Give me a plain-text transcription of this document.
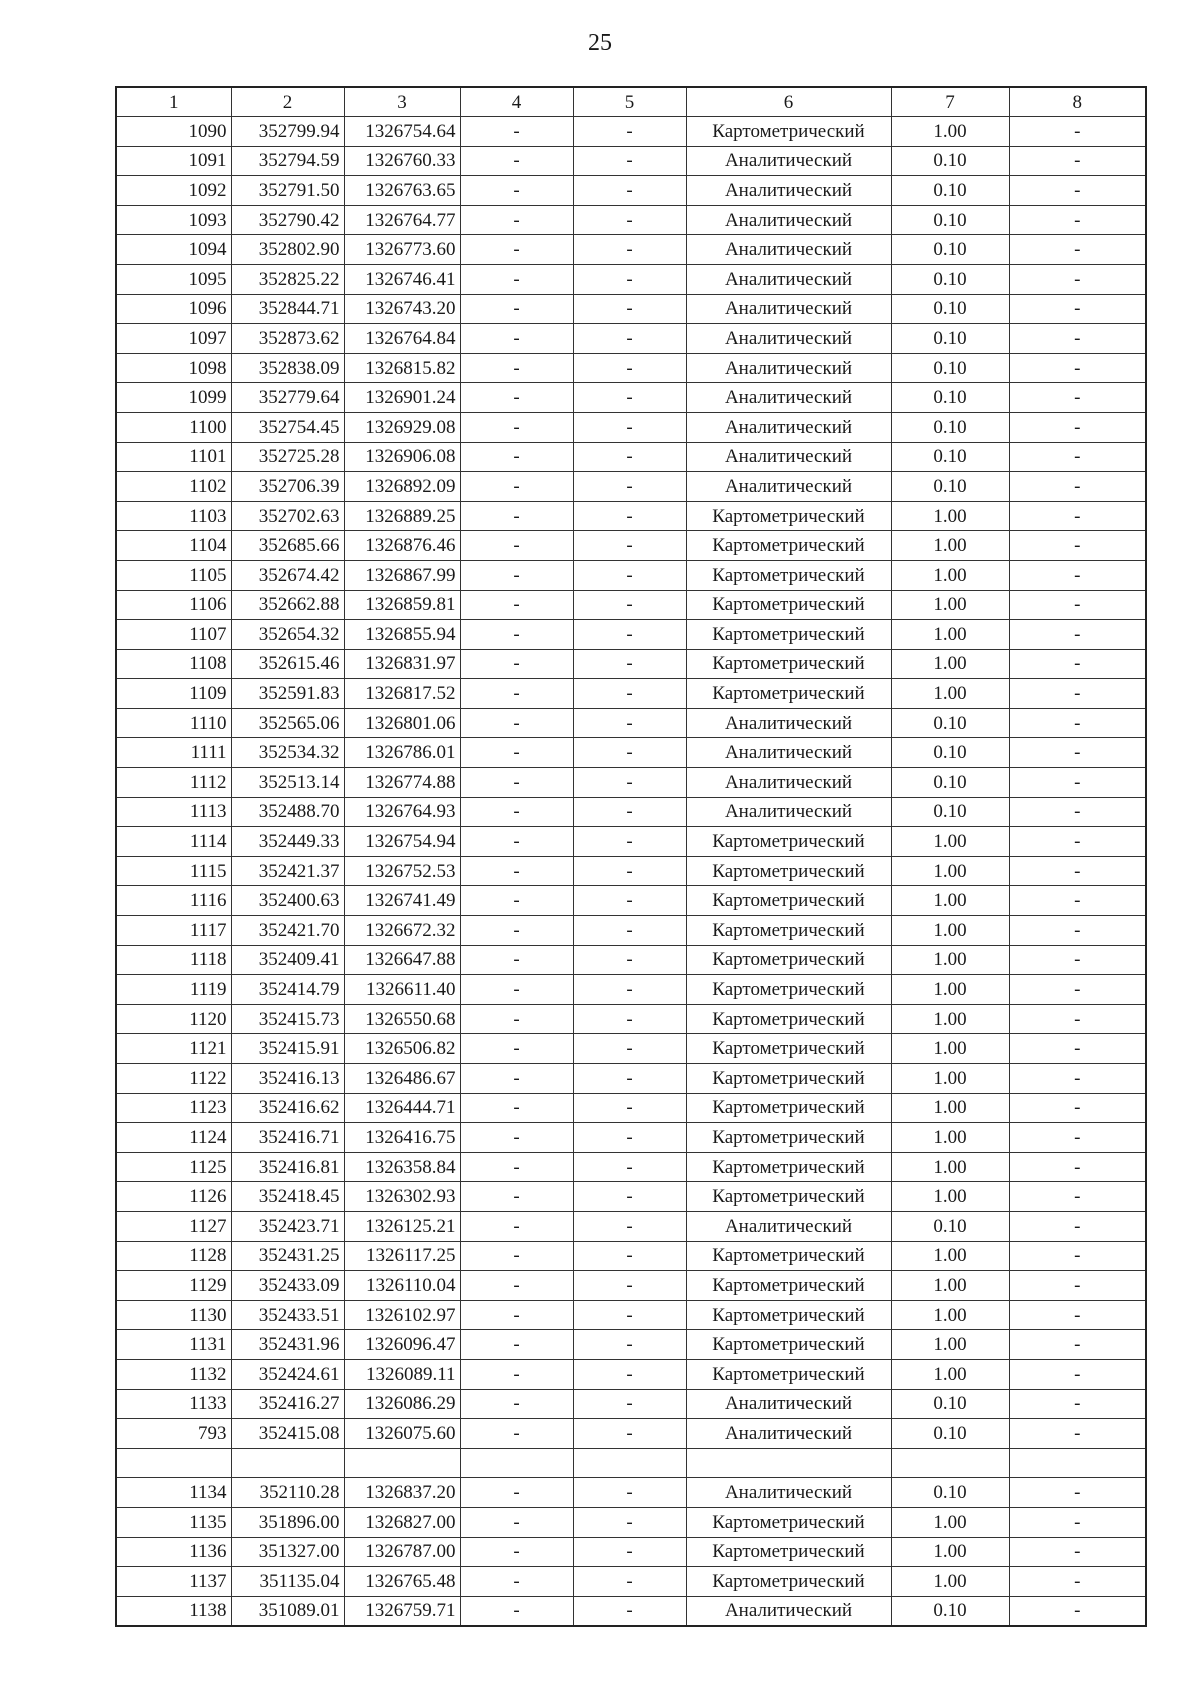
25
1	2	3	4	5	6	7	8
1090	352799.94	1326754.64	-	-	Картометрический	1.00	-
1091	352794.59	1326760.33	-	-	Аналитический	0.10	-
1092	352791.50	1326763.65	-	-	Аналитический	0.10	-
1093	352790.42	1326764.77	-	-	Аналитический	0.10	-
1094	352802.90	1326773.60	-	-	Аналитический	0.10	-
1095	352825.22	1326746.41	-	-	Аналитический	0.10	-
1096	352844.71	1326743.20	-	-	Аналитический	0.10	-
1097	352873.62	1326764.84	-	-	Аналитический	0.10	-
1098	352838.09	1326815.82	-	-	Аналитический	0.10	-
1099	352779.64	1326901.24	-	-	Аналитический	0.10	-
1100	352754.45	1326929.08	-	-	Аналитический	0.10	-
1101	352725.28	1326906.08	-	-	Аналитический	0.10	-
1102	352706.39	1326892.09	-	-	Аналитический	0.10	-
1103	352702.63	1326889.25	-	-	Картометрический	1.00	-
1104	352685.66	1326876.46	-	-	Картометрический	1.00	-
1105	352674.42	1326867.99	-	-	Картометрический	1.00	-
1106	352662.88	1326859.81	-	-	Картометрический	1.00	-
1107	352654.32	1326855.94	-	-	Картометрический	1.00	-
1108	352615.46	1326831.97	-	-	Картометрический	1.00	-
1109	352591.83	1326817.52	-	-	Картометрический	1.00	-
1110	352565.06	1326801.06	-	-	Аналитический	0.10	-
1111	352534.32	1326786.01	-	-	Аналитический	0.10	-
1112	352513.14	1326774.88	-	-	Аналитический	0.10	-
1113	352488.70	1326764.93	-	-	Аналитический	0.10	-
1114	352449.33	1326754.94	-	-	Картометрический	1.00	-
1115	352421.37	1326752.53	-	-	Картометрический	1.00	-
1116	352400.63	1326741.49	-	-	Картометрический	1.00	-
1117	352421.70	1326672.32	-	-	Картометрический	1.00	-
1118	352409.41	1326647.88	-	-	Картометрический	1.00	-
1119	352414.79	1326611.40	-	-	Картометрический	1.00	-
1120	352415.73	1326550.68	-	-	Картометрический	1.00	-
1121	352415.91	1326506.82	-	-	Картометрический	1.00	-
1122	352416.13	1326486.67	-	-	Картометрический	1.00	-
1123	352416.62	1326444.71	-	-	Картометрический	1.00	-
1124	352416.71	1326416.75	-	-	Картометрический	1.00	-
1125	352416.81	1326358.84	-	-	Картометрический	1.00	-
1126	352418.45	1326302.93	-	-	Картометрический	1.00	-
1127	352423.71	1326125.21	-	-	Аналитический	0.10	-
1128	352431.25	1326117.25	-	-	Картометрический	1.00	-
1129	352433.09	1326110.04	-	-	Картометрический	1.00	-
1130	352433.51	1326102.97	-	-	Картометрический	1.00	-
1131	352431.96	1326096.47	-	-	Картометрический	1.00	-
1132	352424.61	1326089.11	-	-	Картометрический	1.00	-
1133	352416.27	1326086.29	-	-	Аналитический	0.10	-
793	352415.08	1326075.60	-	-	Аналитический	0.10	-

1134	352110.28	1326837.20	-	-	Аналитический	0.10	-
1135	351896.00	1326827.00	-	-	Картометрический	1.00	-
1136	351327.00	1326787.00	-	-	Картометрический	1.00	-
1137	351135.04	1326765.48	-	-	Картометрический	1.00	-
1138	351089.01	1326759.71	-	-	Аналитический	0.10	-
